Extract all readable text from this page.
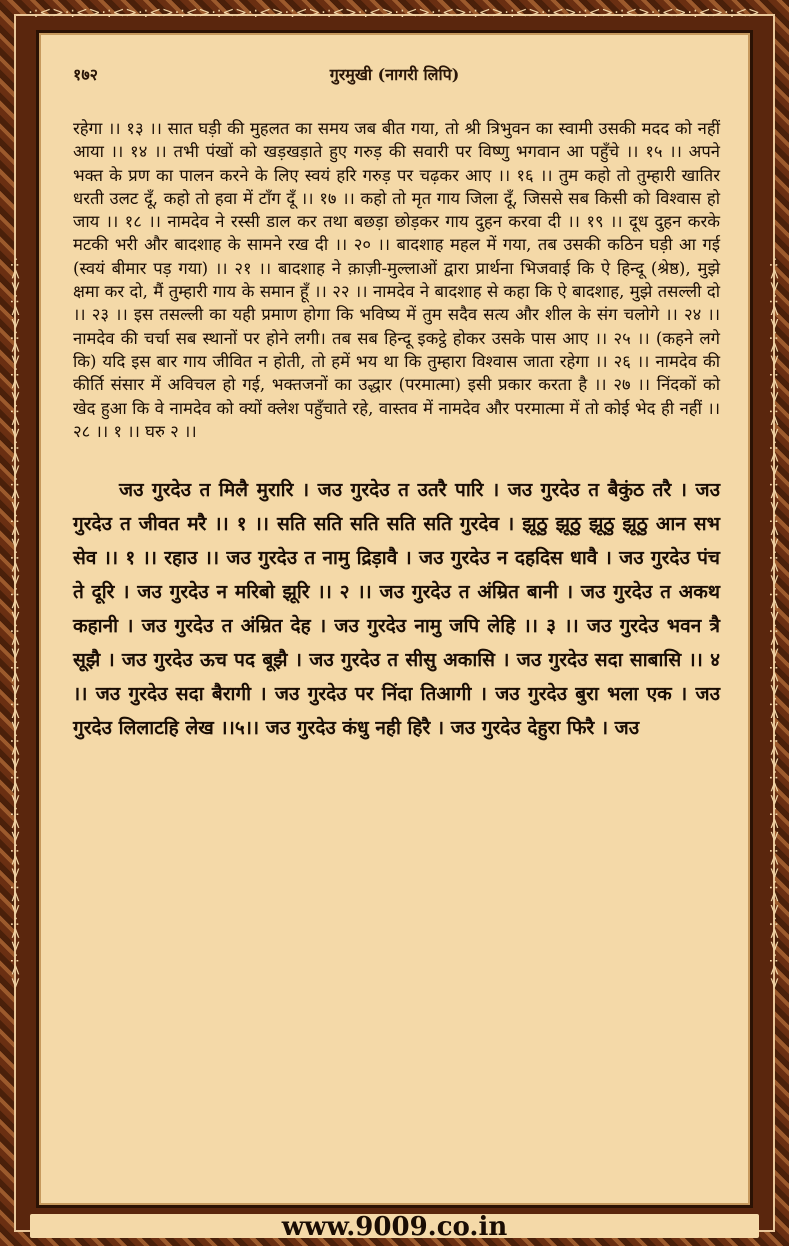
·:<>·:<>·:<>·:<>·:<>·:<>·:<>·:<>·:<>·:<>·:<>·:<>·:<>·:<>·:<>·:<>·:<>·:<>·:<>·:<>
·:<>·:<>·:<>·:<>·:<>·:<>·:<>·:<>·:<>·:<>·:<>·:<>·:<>·:<>·:<>·:<>·:<>·:<>·:<>·:<>	·:<>·:<>·:<>·:<>·:<>·:<>·:<>·:<>·:<>·:<>·:<>·:<>·:<>·:<>·:<>·:<>·:<>·:<>·:<>·:<>
१७२	गुरमुखी (नागरी लिपि)

रहेगा ।। १३ ।। सात घड़ी की मुहलत का समय जब बीत गया, तो श्री त्रिभुवन का स्वामी उसकी मदद को नहीं आया ।। १४ ।। तभी पंखों को खड़खड़ाते हुए गरुड़ की सवारी पर विष्णु भगवान आ पहुँचे ।। १५ ।। अपने भक्त के प्रण का पालन करने के लिए स्वयं हरि गरुड़ पर चढ़कर आए ।। १६ ।। तुम कहो तो तुम्हारी खातिर धरती उलट दूँ, कहो तो हवा में टाँग दूँ ।। १७ ।। कहो तो मृत गाय जिला दूँ, जिससे सब किसी को विश्वास हो जाय ।। १८ ।। नामदेव ने रस्सी डाल कर तथा बछड़ा छोड़कर गाय दुहन करवा दी ।। १९ ।। दूध दुहन करके मटकी भरी और बादशाह के सामने रख दी ।। २० ।। बादशाह महल में गया, तब उसकी कठिन घड़ी आ गई (स्वयं बीमार पड़ गया) ।। २१ ।। बादशाह ने क़ाज़ी-मुल्लाओं द्वारा प्रार्थना भिजवाई कि ऐ हिन्दू (श्रेष्ठ), मुझे क्षमा कर दो, मैं तुम्हारी गाय के समान हूँ ।। २२ ।। नामदेव ने बादशाह से कहा कि ऐ बादशाह, मुझे तसल्ली दो ।। २३ ।। इस तसल्ली का यही प्रमाण होगा कि भविष्य में तुम सदैव सत्य और शील के संग चलोगे ।। २४ ।। नामदेव की चर्चा सब स्थानों पर होने लगी। तब सब हिन्दू इकट्ठे होकर उसके पास आए ।। २५ ।। (कहने लगे कि) यदि इस बार गाय जीवित न होती, तो हमें भय था कि तुम्हारा विश्वास जाता रहेगा ।। २६ ।। नामदेव की कीर्ति संसार में अविचल हो गई, भक्तजनों का उद्धार (परमात्मा) इसी प्रकार करता है ।। २७ ।। निंदकों को खेद हुआ कि वे नामदेव को क्यों क्लेश पहुँचाते रहे, वास्तव में नामदेव और परमात्मा में तो कोई भेद ही नहीं ।। २८ ।। १ ।। घरु २ ।।

जउ गुरदेउ त मिलै मुरारि । जउ गुरदेउ त उतरै पारि । जउ गुरदेउ त बैकुंठ तरै । जउ गुरदेउ त जीवत मरै ।। १ ।। सति सति सति सति सति गुरदेव । झूठु झूठु झूठु झूठु आन सभ सेव ।। १ ।। रहाउ ।। जउ गुरदेउ त नामु द्रिड़ावै । जउ गुरदेउ न दहदिस धावै । जउ गुरदेउ पंच ते दूरि । जउ गुरदेउ न मरिबो झूरि ।। २ ।। जउ गुरदेउ त अंम्रित बानी । जउ गुरदेउ त अकथ कहानी । जउ गुरदेउ त अंम्रित देह । जउ गुरदेउ नामु जपि लेहि ।। ३ ।। जउ गुरदेउ भवन त्रै सूझै । जउ गुरदेउ ऊच पद बूझै । जउ गुरदेउ त सीसु अकासि । जउ गुरदेउ सदा साबासि ।। ४ ।। जउ गुरदेउ सदा बैरागी । जउ गुरदेउ पर निंदा तिआगी । जउ गुरदेउ बुरा भला एक । जउ गुरदेउ लिलाटहि लेख ।।५।। जउ गुरदेउ कंधु नही हिरै । जउ गुरदेउ देहुरा फिरै । जउ

www.9009.co.in
